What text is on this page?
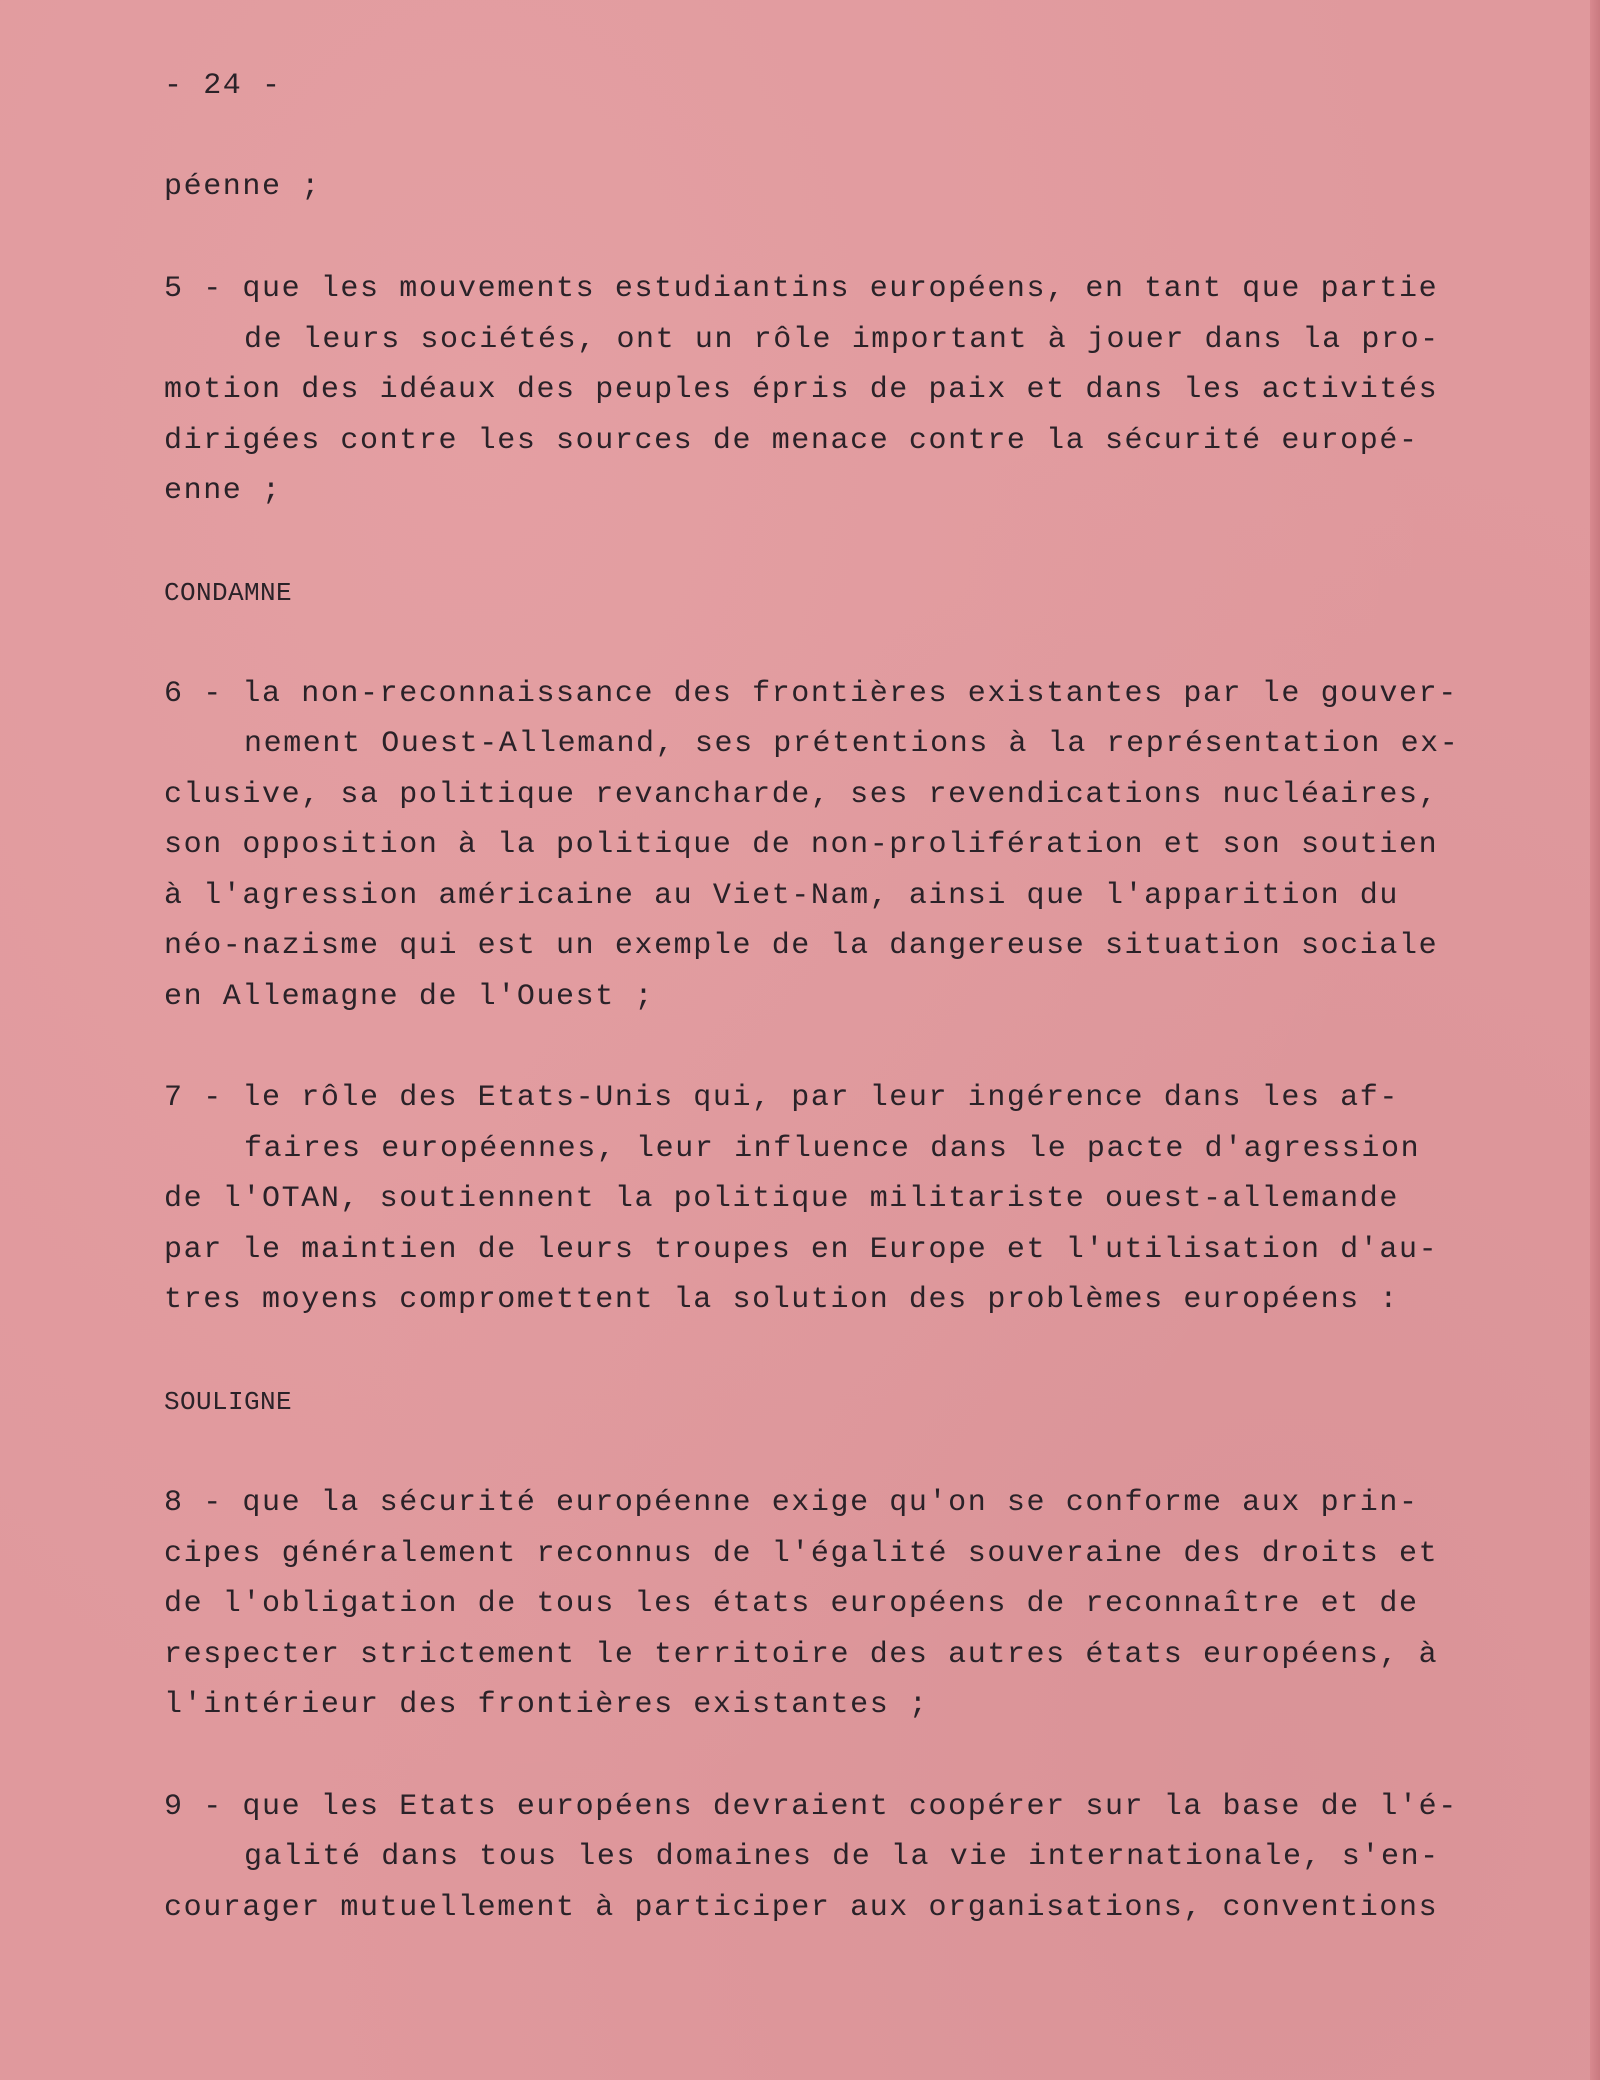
- 24 -
péenne ;
5 - que les mouvements estudiantins européens, en tant que partie
de leurs sociétés, ont un rôle important à jouer dans la pro-
motion des idéaux des peuples épris de paix et dans les activités
dirigées contre les sources de menace contre la sécurité europé-
enne ;
CONDAMNE
6 - la non-reconnaissance des frontières existantes par le gouver-
nement Ouest-Allemand, ses prétentions à la représentation ex-
clusive, sa politique revancharde, ses revendications nucléaires,
son opposition à la politique de non-prolifération et son soutien
à l'agression américaine au Viet-Nam, ainsi que l'apparition du
néo-nazisme qui est un exemple de la dangereuse situation sociale
en Allemagne de l'Ouest ;
7 - le rôle des Etats-Unis qui, par leur ingérence dans les af-
faires européennes, leur influence dans le pacte d'agression
de l'OTAN, soutiennent la politique militariste ouest-allemande
par le maintien de leurs troupes en Europe et l'utilisation d'au-
tres moyens compromettent la solution des problèmes européens :
SOULIGNE
8 - que la sécurité européenne exige qu'on se conforme aux prin-
cipes généralement reconnus de l'égalité souveraine des droits et
de l'obligation de tous les états européens de reconnaître et de
respecter strictement le territoire des autres états européens, à
l'intérieur des frontières existantes ;
9 - que les Etats européens devraient coopérer sur la base de l'é-
galité dans tous les domaines de la vie internationale, s'en-
courager mutuellement à participer aux organisations, conventions
